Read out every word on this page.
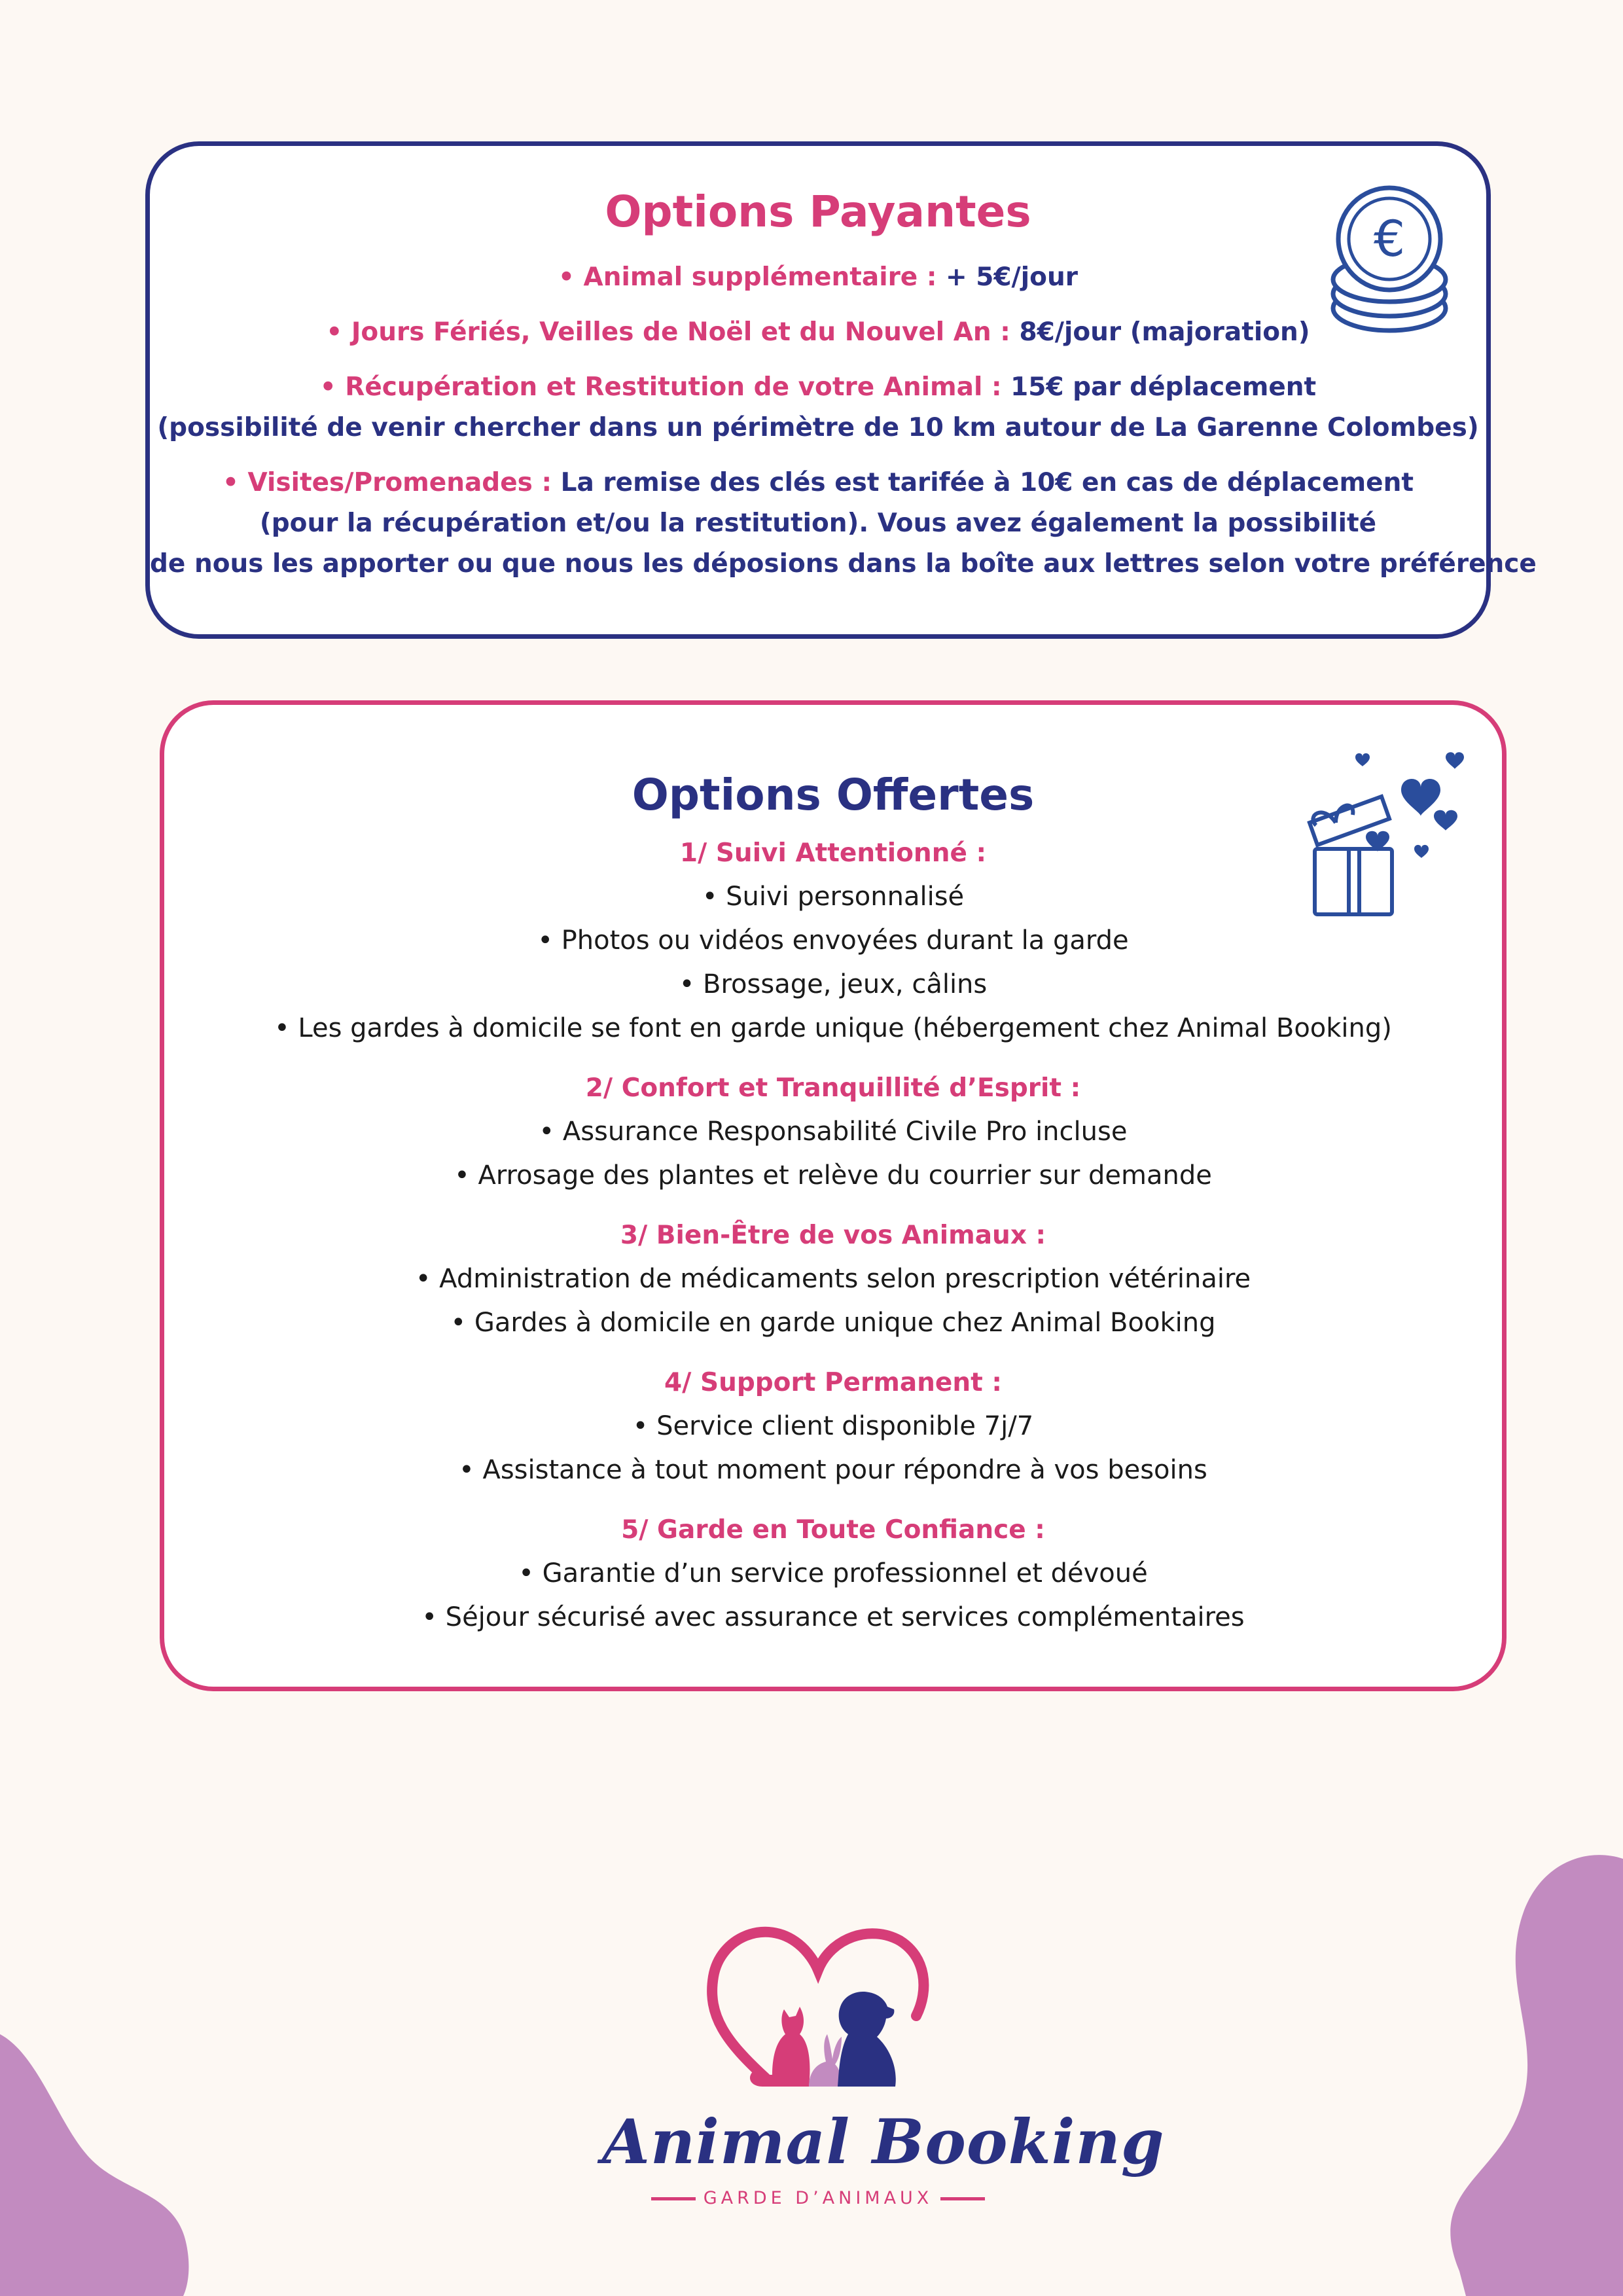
€
Options Payantes
• Animal supplémentaire : + 5€/jour
• Jours Fériés, Veilles de Noël et du Nouvel An : 8€/jour (majoration)
• Récupération et Restitution de votre Animal : 15€ par déplacement
(possibilité de venir chercher dans un périmètre de 10 km autour de La Garenne Colombes)
• Visites/Promenades : La remise des clés est tarifée à 10€ en cas de déplacement
(pour la récupération et/ou la restitution). Vous avez également la possibilité
de nous les apporter ou que nous les déposions dans la boîte aux lettres selon votre préférence
Options Offertes
1/ Suivi Attentionné :
• Suivi personnalisé
• Photos ou vidéos envoyées durant la garde
• Brossage, jeux, câlins
• Les gardes à domicile se font en garde unique (hébergement chez Animal Booking)
2/ Confort et Tranquillité d’Esprit :
• Assurance Responsabilité Civile Pro incluse
• Arrosage des plantes et relève du courrier sur demande
3/ Bien-Être de vos Animaux :
• Administration de médicaments selon prescription vétérinaire
• Gardes à domicile en garde unique chez Animal Booking
4/ Support Permanent :
• Service client disponible 7j/7
• Assistance à tout moment pour répondre à vos besoins
5/ Garde en Toute Confiance :
• Garantie d’un service professionnel et dévoué
• Séjour sécurisé avec assurance et services complémentaires
Animal Booking
GARDE D’ANIMAUX
